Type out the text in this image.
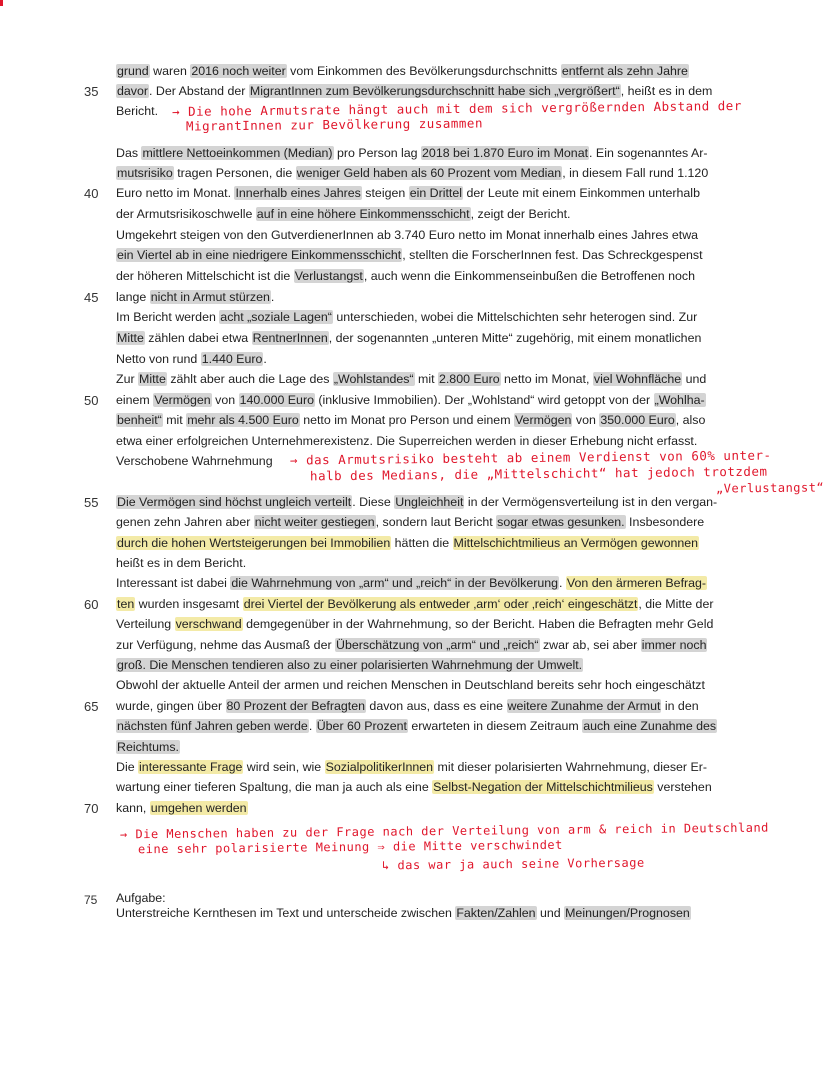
35
40
45
50
55
60
65
70
75
grund waren 2016 noch weiter vom Einkommen des Bevölkerungsdurchschnitts entfernt als zehn Jahre
davor. Der Abstand der MigrantInnen zum Bevölkerungsdurchschnitt habe sich „vergrößert“, heißt es in dem
Bericht.
Das mittlere Nettoeinkommen (Median) pro Person lag 2018 bei 1.870 Euro im Monat. Ein sogenanntes Ar-
mutsrisiko tragen Personen, die weniger Geld haben als 60 Prozent vom Median, in diesem Fall rund 1.120
Euro netto im Monat. Innerhalb eines Jahres steigen ein Drittel der Leute mit einem Einkommen unterhalb
der Armutsrisikoschwelle auf in eine höhere Einkommensschicht, zeigt der Bericht.
Umgekehrt steigen von den GutverdienerInnen ab 3.740 Euro netto im Monat innerhalb eines Jahres etwa
ein Viertel ab in eine niedrigere Einkommensschicht, stellten die ForscherInnen fest. Das Schreckgespenst
der höheren Mittelschicht ist die Verlustangst, auch wenn die Einkommenseinbußen die Betroffenen noch
lange nicht in Armut stürzen.
Im Bericht werden acht „soziale Lagen“ unterschieden, wobei die Mittelschichten sehr heterogen sind. Zur
Mitte zählen dabei etwa RentnerInnen, der sogenannten „unteren Mitte“ zugehörig, mit einem monatlichen
Netto von rund 1.440 Euro.
Zur Mitte zählt aber auch die Lage des „Wohlstandes“ mit 2.800 Euro netto im Monat, viel Wohnfläche und
einem Vermögen von 140.000 Euro (inklusive Immobilien). Der „Wohlstand“ wird getoppt von der „Wohlha-
benheit“ mit mehr als 4.500 Euro netto im Monat pro Person und einem Vermögen von 350.000 Euro, also
etwa einer erfolgreichen Unternehmerexistenz. Die Superreichen werden in dieser Erhebung nicht erfasst.
Verschobene Wahrnehmung
Die Vermögen sind höchst ungleich verteilt. Diese Ungleichheit in der Vermögensverteilung ist in den vergan-
genen zehn Jahren aber nicht weiter gestiegen, sondern laut Bericht sogar etwas gesunken. Insbesondere
durch die hohen Wertsteigerungen bei Immobilien hätten die Mittelschichtmilieus an Vermögen gewonnen
heißt es in dem Bericht.
Interessant ist dabei die Wahrnehmung von „arm“ und „reich“ in der Bevölkerung. Von den ärmeren Befrag-
ten wurden insgesamt drei Viertel der Bevölkerung als entweder ‚arm‘ oder ‚reich‘ eingeschätzt, die Mitte der
Verteilung verschwand demgegenüber in der Wahrnehmung, so der Bericht. Haben die Befragten mehr Geld
zur Verfügung, nehme das Ausmaß der Überschätzung von „arm“ und „reich“ zwar ab, sei aber immer noch
groß. Die Menschen tendieren also zu einer polarisierten Wahrnehmung der Umwelt.
Obwohl der aktuelle Anteil der armen und reichen Menschen in Deutschland bereits sehr hoch eingeschätzt
wurde, gingen über 80 Prozent der Befragten davon aus, dass es eine weitere Zunahme der Armut in den
nächsten fünf Jahren geben werde. Über 60 Prozent erwarteten in diesem Zeitraum auch eine Zunahme des
Reichtums.
Die interessante Frage wird sein, wie SozialpolitikerInnen mit dieser polarisierten Wahrnehmung, dieser Er-
wartung einer tieferen Spaltung, die man ja auch als eine Selbst-Negation der Mittelschichtmilieus verstehen
kann, umgehen werden
→ Die hohe Armutsrate hängt auch mit dem sich vergrößernden Abstand der
MigrantInnen zur Bevölkerung zusammen
→ das Armutsrisiko besteht ab einem Verdienst von 60% unter-
halb des Medians, die „Mittelschicht“ hat jedoch trotzdem
„Verlustangst“
→ Die Menschen haben zu der Frage nach der Verteilung von arm & reich in Deutschland
eine sehr polarisierte Meinung ⇒ die Mitte verschwindet
↳ das war ja auch seine Vorhersage
Aufgabe:
Unterstreiche Kernthesen im Text und unterscheide zwischen Fakten/Zahlen und Meinungen/Prognosen
